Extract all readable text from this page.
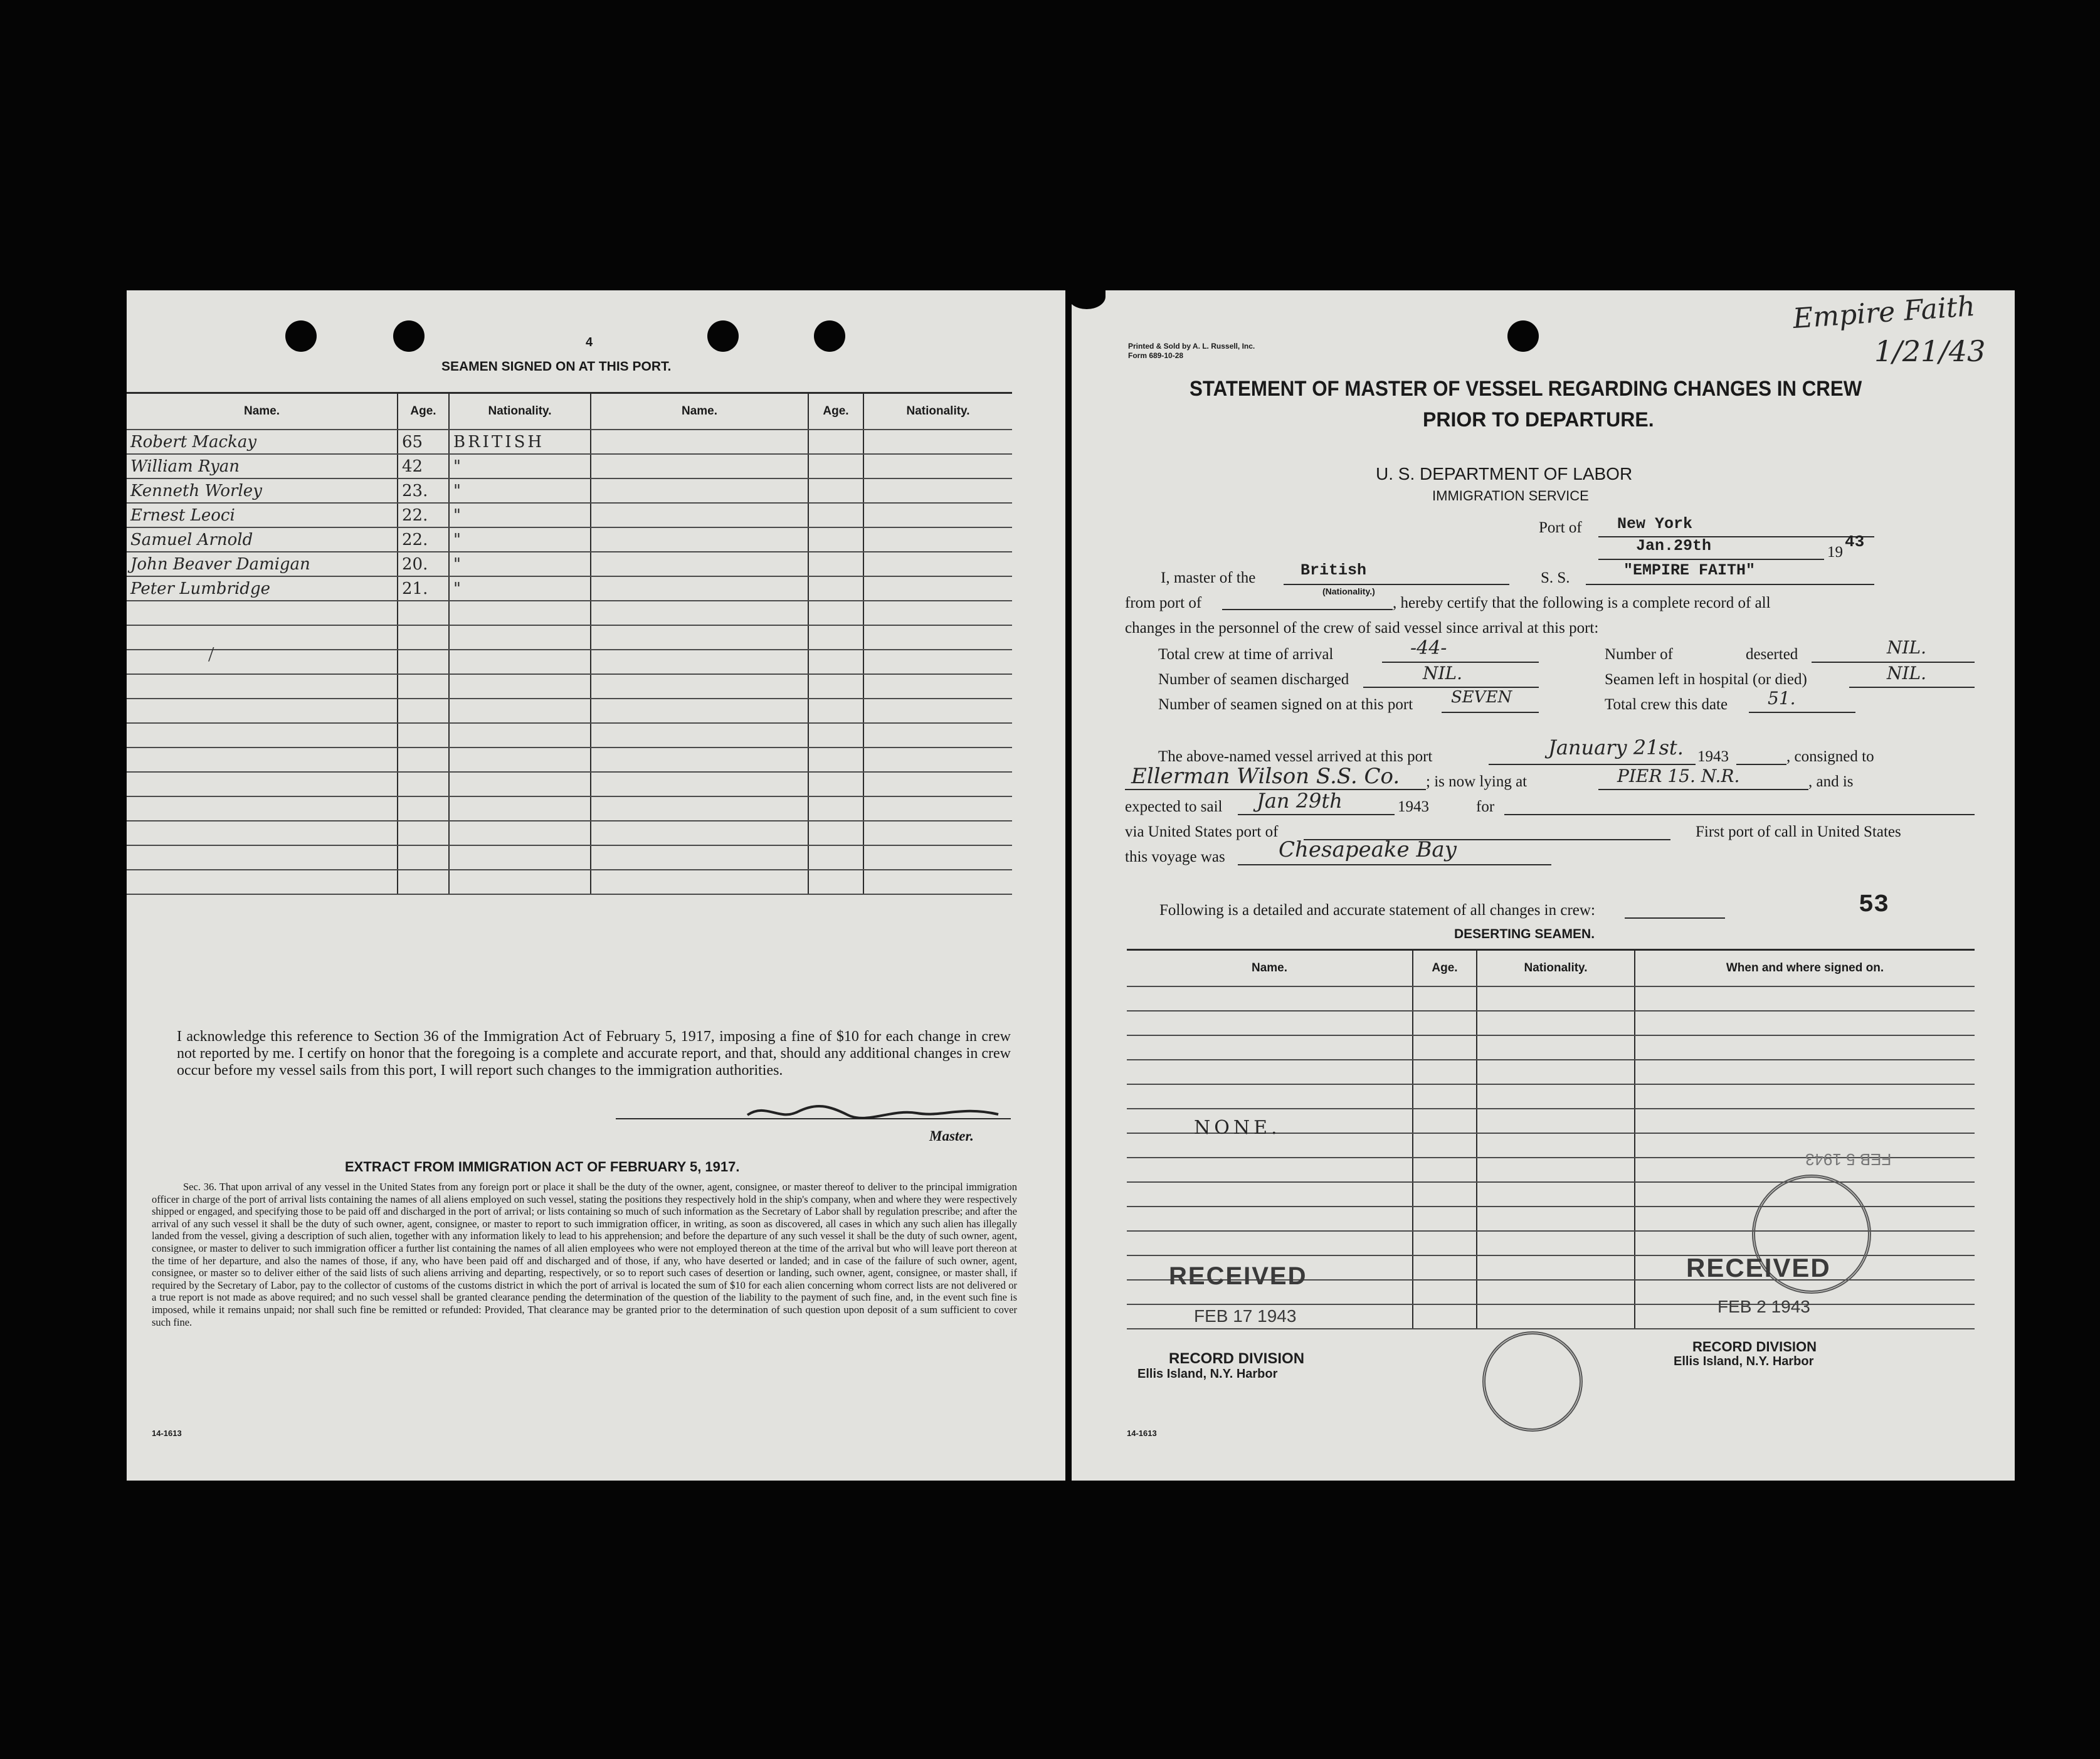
4
SEAMEN SIGNED ON AT THIS PORT.
Name.	Age.	Nationality.	Name.	Age.	Nationality.
Robert Mackay	65	BRITISH			
William Ryan	42	"			
Kenneth Worley	23.	"			
Ernest Leoci	22.	"			
Samuel Arnold	22.	"			
John Beaver Damigan	20.	"			
Peter Lumbridge	21.	"			

/
I acknowledge this reference to Section 36 of the Immigration Act of February 5, 1917, imposing a fine of $10 for each change in crew not reported by me. I certify on honor that the foregoing is a complete and accurate report, and that, should any additional changes in crew occur before my vessel sails from this port, I will report such changes to the immigration authorities.
Master.
EXTRACT FROM IMMIGRATION ACT OF FEBRUARY 5, 1917.
Sec. 36. That upon arrival of any vessel in the United States from any foreign port or place it shall be the duty of the owner, agent, consignee, or master thereof to deliver to the principal immigration officer in charge of the port of arrival lists containing the names of all aliens employed on such vessel, stating the positions they respectively hold in the ship's company, when and where they were respectively shipped or engaged, and specifying those to be paid off and discharged in the port of arrival; or lists containing so much of such information as the Secretary of Labor shall by regulation prescribe; and after the arrival of any such vessel it shall be the duty of such owner, agent, consignee, or master to report to such immigration officer, in writing, as soon as discovered, all cases in which any such alien has illegally landed from the vessel, giving a description of such alien, together with any information likely to lead to his apprehension; and before the departure of any such vessel it shall be the duty of such owner, agent, consignee, or master to deliver to such immigration officer a further list containing the names of all alien employees who were not employed thereon at the time of the arrival but who will leave port thereon at the time of her departure, and also the names of those, if any, who have been paid off and discharged and of those, if any, who have deserted or landed; and in case of the failure of such owner, agent, consignee, or master so to deliver either of the said lists of such aliens arriving and departing, respectively, or so to report such cases of desertion or landing, such owner, agent, consignee, or master shall, if required by the Secretary of Labor, pay to the collector of customs of the customs district in which the port of arrival is located the sum of $10 for each alien concerning whom correct lists are not delivered or a true report is not made as above required; and no such vessel shall be granted clearance pending the determination of the question of the liability to the payment of such fine, and, in the event such fine is imposed, while it remains unpaid; nor shall such fine be remitted or refunded: Provided, That clearance may be granted prior to the determination of such question upon deposit of a sum sufficient to cover such fine.
14-1613
Printed & Sold by A. L. Russell, Inc.
Form 689-10-28
Empire Faith
1/21/43
STATEMENT OF MASTER OF VESSEL REGARDING CHANGES IN CREW
PRIOR TO DEPARTURE.
U. S. DEPARTMENT OF LABOR
IMMIGRATION SERVICE
Port of New York
Jan.29th	19
43
I, master of the	British
(Nationality.)
S. S.	"EMPIRE FAITH"
from port of	, hereby certify that the following is a complete record of all
changes in the personnel of the crew of said vessel since arrival at this port:
Total crew at time of arrival	-44-	Number of	deserted	NIL.
Number of seamen discharged	NIL.	Seamen left in hospital (or died)	NIL.
Number of seamen signed on at this port SEVEN	Total crew this date 51.
The above-named vessel arrived at this port	January 21st. 1943	, consigned to
Ellerman Wilson S.S. Co. ; is now lying at	PIER 15. N.R.	, and is
expected to sail Jan 29th	1943	for
via United States port of	First port of call in United States
this voyage was	Chesapeake Bay
Following is a detailed and accurate statement of all changes in crew:	53
DESERTING SEAMEN.
Name.	Age.	Nationality.	When and where signed on.

NONE.
RECEIVED
FEB 17 1943
RECORD DIVISION
Ellis Island, N.Y. Harbor
FEB 5 1943
RECEIVED
FEB 2 1943
RECORD DIVISION
Ellis Island, N.Y. Harbor
14-1613
